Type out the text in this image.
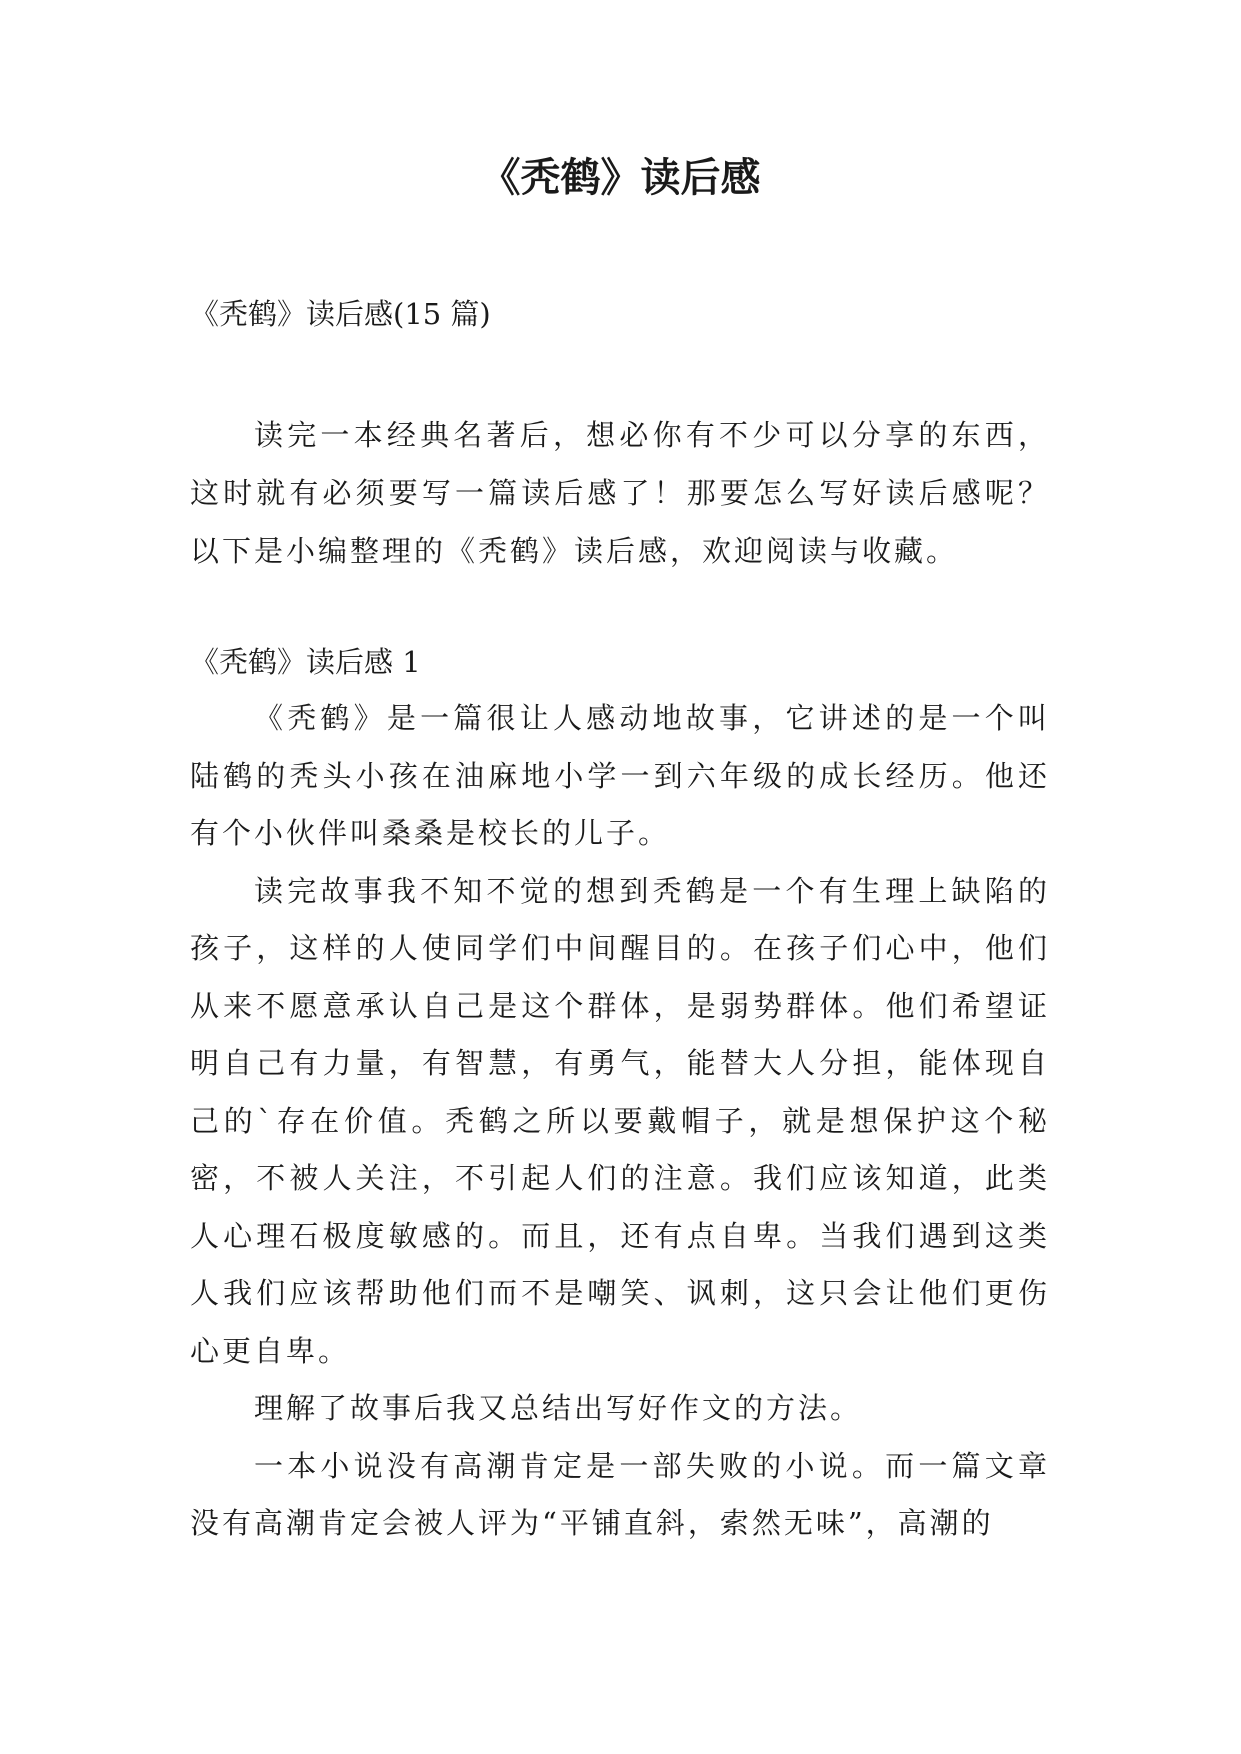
《秃鹤》读后感

《秃鹤》读后感(15 篇)

读完一本经典名著后，想必你有不少可以分享的东西，这时就有必须要写一篇读后感了！那要怎么写好读后感呢？以下是小编整理的《秃鹤》读后感，欢迎阅读与收藏。

《秃鹤》读后感 1

《秃鹤》是一篇很让人感动地故事，它讲述的是一个叫陆鹤的秃头小孩在油麻地小学一到六年级的成长经历。他还有个小伙伴叫桑桑是校长的儿子。

读完故事我不知不觉的想到秃鹤是一个有生理上缺陷的孩子，这样的人使同学们中间醒目的。在孩子们心中，他们从来不愿意承认自己是这个群体，是弱势群体。他们希望证明自己有力量，有智慧，有勇气，能替大人分担，能体现自己的`存在价值。秃鹤之所以要戴帽子，就是想保护这个秘密，不被人关注，不引起人们的注意。我们应该知道，此类人心理石极度敏感的。而且，还有点自卑。当我们遇到这类人我们应该帮助他们而不是嘲笑、讽刺，这只会让他们更伤心更自卑。

理解了故事后我又总结出写好作文的方法。

一本小说没有高潮肯定是一部失败的小说。而一篇文章没有高潮肯定会被人评为“平铺直斜，索然无味”，高潮的
